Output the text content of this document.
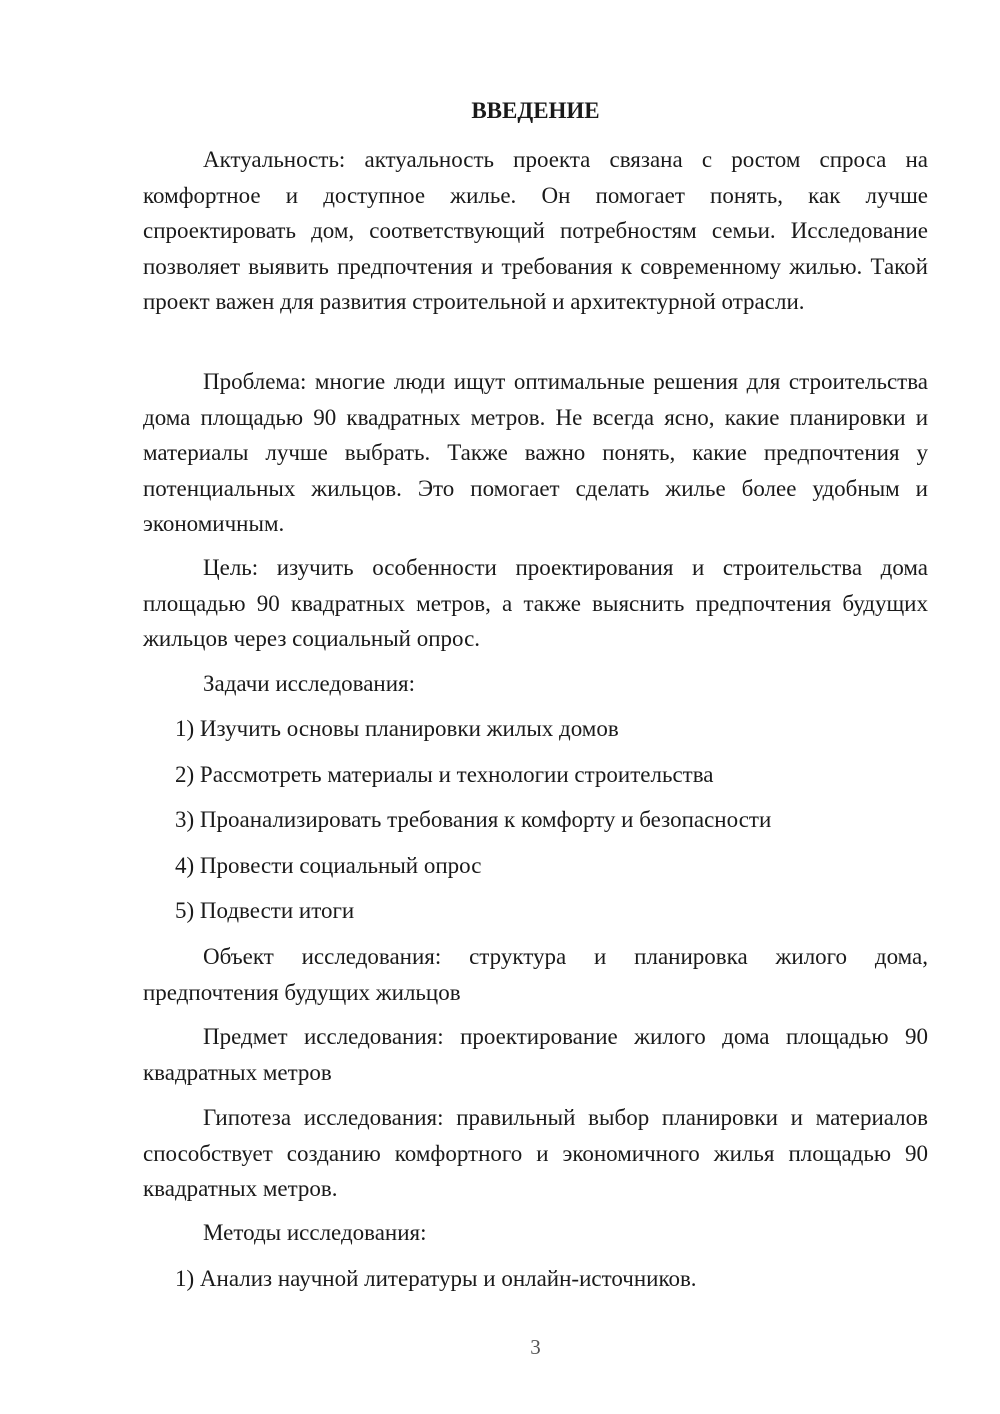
ВВЕДЕНИЕ

Актуальность: актуальность проекта связана с ростом спроса на комфортное и доступное жилье. Он помогает понять, как лучше спроектировать дом, соответствующий потребностям семьи. Исследование позволяет выявить предпочтения и требования к современному жилью. Такой проект важен для развития строительной и архитектурной отрасли.

Проблема: многие люди ищут оптимальные решения для строительства дома площадью 90 квадратных метров. Не всегда ясно, какие планировки и материалы лучше выбрать. Также важно понять, какие предпочтения у потенциальных жильцов. Это помогает сделать жилье более удобным и экономичным.

Цель: изучить особенности проектирования и строительства дома площадью 90 квадратных метров, а также выяснить предпочтения будущих жильцов через социальный опрос.

Задачи исследования:
1) Изучить основы планировки жилых домов
2) Рассмотреть материалы и технологии строительства
3) Проанализировать требования к комфорту и безопасности
4) Провести социальный опрос
5) Подвести итоги

Объект исследования: структура и планировка жилого дома, предпочтения будущих жильцов

Предмет исследования: проектирование жилого дома площадью 90 квадратных метров

Гипотеза исследования: правильный выбор планировки и материалов способствует созданию комфортного и экономичного жилья площадью 90 квадратных метров.

Методы исследования:
1) Анализ научной литературы и онлайн-источников.
3
